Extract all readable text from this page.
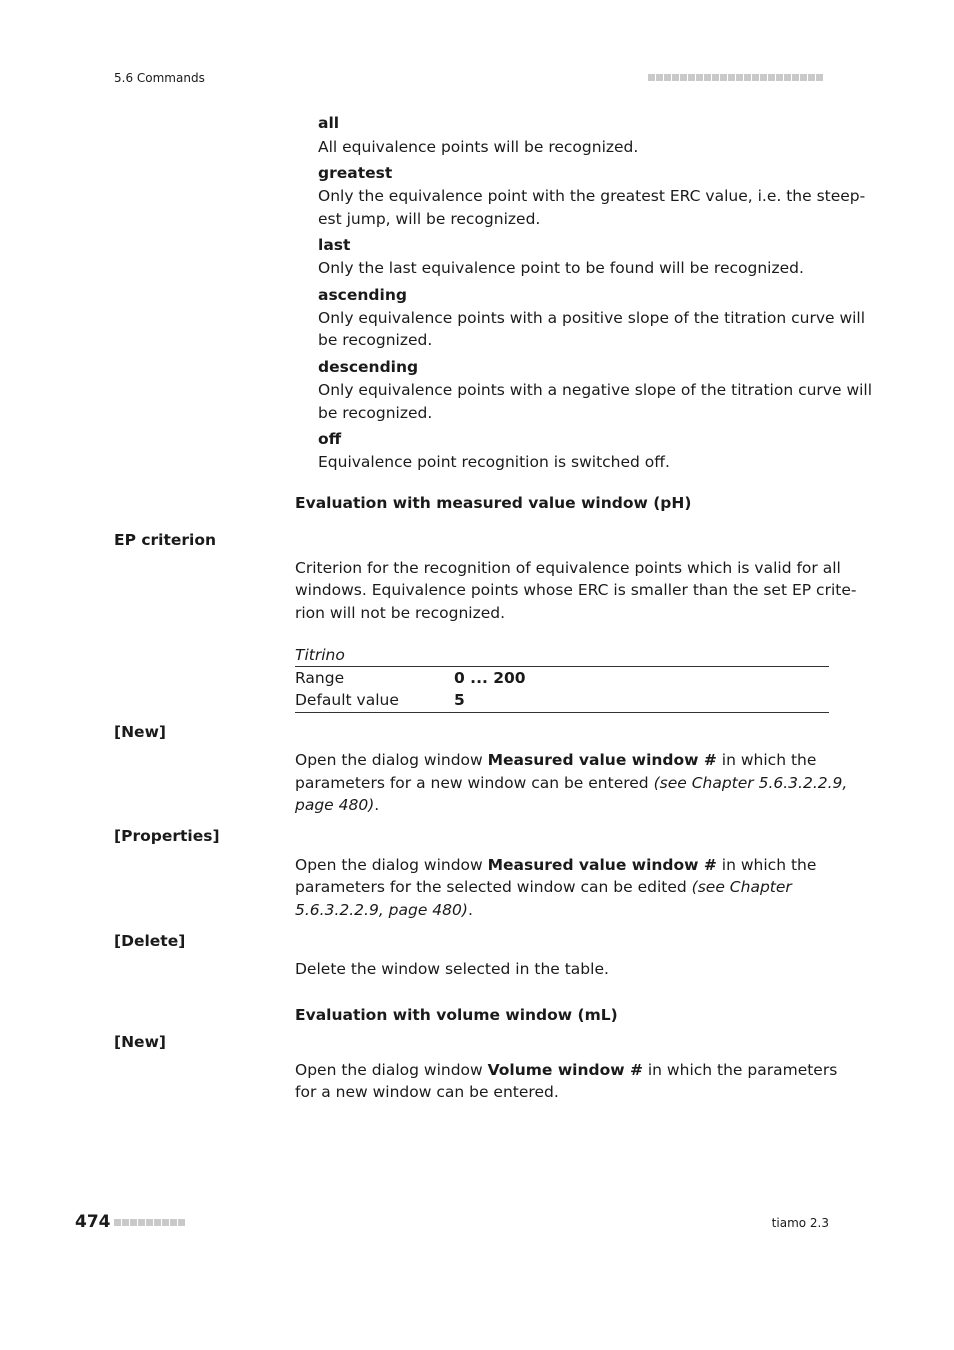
5.6 Commands
all
All equivalence points will be recognized.
greatest
Only the equivalence point with the greatest ERC value, i.e. the steep-
est jump, will be recognized.
last
Only the last equivalence point to be found will be recognized.
ascending
Only equivalence points with a positive slope of the titration curve will
be recognized.
descending
Only equivalence points with a negative slope of the titration curve will
be recognized.
off
Equivalence point recognition is switched off.
Evaluation with measured value window (pH)
EP criterion
Criterion for the recognition of equivalence points which is valid for all
windows. Equivalence points whose ERC is smaller than the set EP crite-
rion will not be recognized.
Titrino
Range	0 ... 200
Default value	5
[New]
Open the dialog window Measured value window # in which the
parameters for a new window can be entered (see Chapter 5.6.3.2.2.9,
page 480).
[Properties]
Open the dialog window Measured value window # in which the
parameters for the selected window can be edited (see Chapter
5.6.3.2.2.9, page 480).
[Delete]
Delete the window selected in the table.
Evaluation with volume window (mL)
[New]
Open the dialog window Volume window # in which the parameters
for a new window can be entered.
474	tiamo 2.3
